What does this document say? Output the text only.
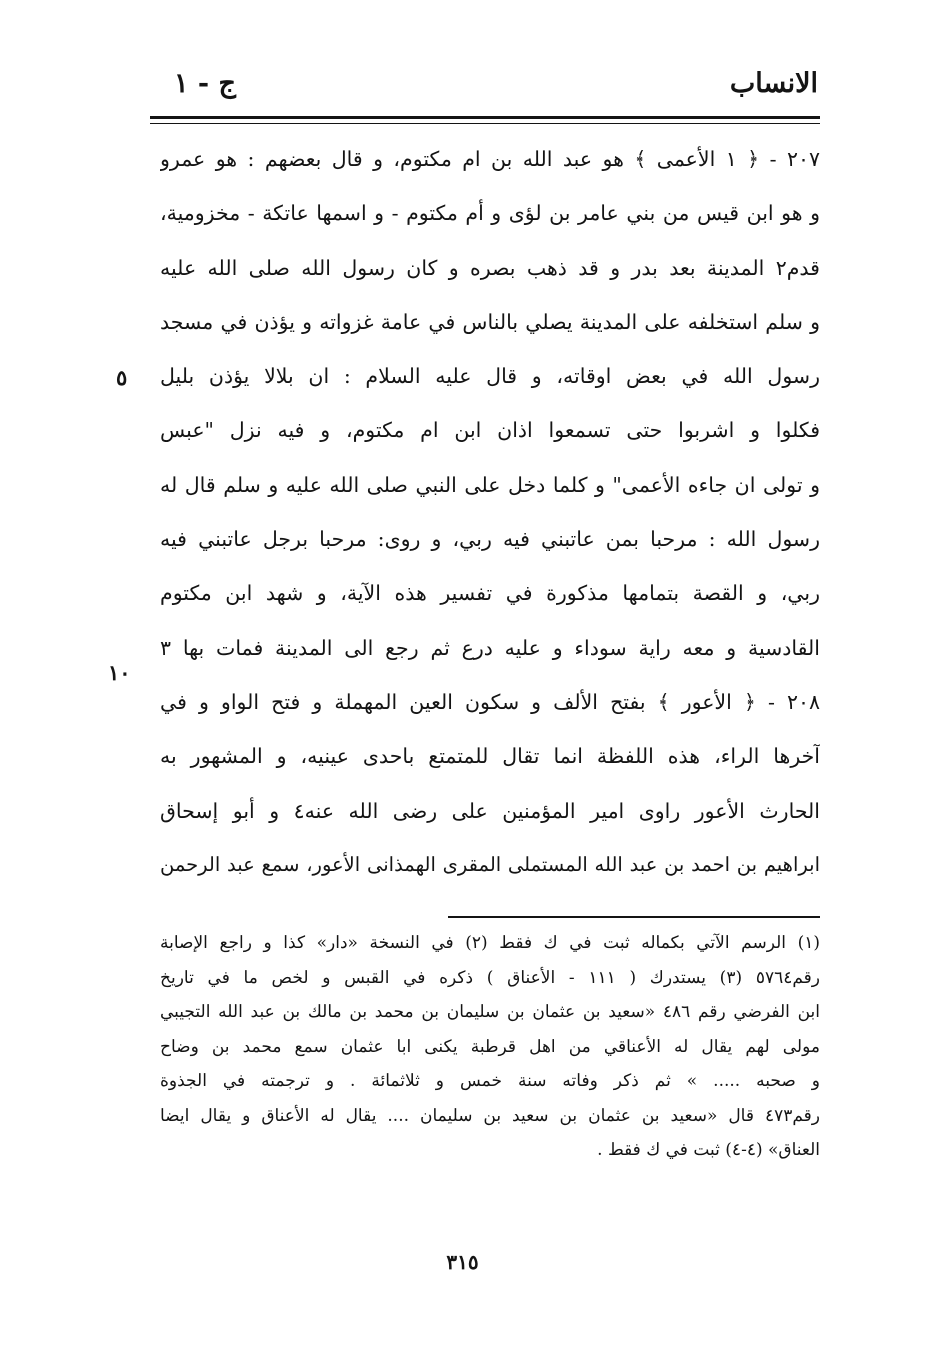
الانساب
ج - ١
٢٠٧ - ﴿ ١ الأعمى ﴾ هو عبد الله بن ام مكتوم، و قال بعضهم : هو عمرو
و هو ابن قيس من بني عامر بن لؤى و أم مكتوم - و اسمها عاتكة - مخزومية،
قدم٢ المدينة بعد بدر و قد ذهب بصره و كان رسول الله صلى الله عليه
و سلم استخلفه على المدينة يصلي بالناس في عامة غزواته و يؤذن في مسجد
رسول الله في بعض اوقاته، و قال عليه السلام : ان بلالا يؤذن بليل
فكلوا و اشربوا حتى تسمعوا اذان ابن ام مكتوم، و فيه نزل "عبس
و تولى ان جاءه الأعمى" و كلما دخل على النبي صلى الله عليه و سلم قال له
رسول الله : مرحبا بمن عاتبني فيه ربي، و روى: مرحبا برجل عاتبني فيه
ربي، و القصة بتمامها مذكورة في تفسير هذه الآية، و شهد ابن مكتوم
القادسية و معه راية سوداء و عليه درع ثم رجع الى المدينة فمات بها ٣
٢٠٨ - ﴿ الأعور ﴾ بفتح الألف و سكون العين المهملة و فتح الواو و في
آخرها الراء، هذه اللفظة انما تقال للمتمتع باحدى عينيه، و المشهور به
الحارث الأعور راوى امير المؤمنين على رضى الله عنه٤ و أبو إسحاق
ابراهيم بن احمد بن عبد الله المستملى المقرى الهمذانى الأعور، سمع عبد الرحمن
٥
١٠
(١) الرسم الآتي بكماله ثبت في ك فقط (٢) في النسخة «دار» كذا و راجع الإصابة
رقم٥٧٦٤ (٣) يستدرك ( ١١١ - الأعناق ) ذكره في القبس و لخص ما في تاريخ
ابن الفرضي رقم ٤٨٦ «سعيد بن عثمان بن سليمان بن محمد بن مالك بن عبد الله التجيبي
مولى لهم يقال له الأعناقي من اهل قرطبة يكنى ابا عثمان سمع محمد بن وضاح
و صحبه ..... » ثم ذكر وفاته سنة خمس و ثلاثمائة . و ترجمته في الجذوة
رقم٤٧٣ قال «سعيد بن عثمان بن سعيد بن سليمان .... يقال له الأعناق و يقال ايضا
العناق» (٤-٤) ثبت في ك فقط .
٣١٥
